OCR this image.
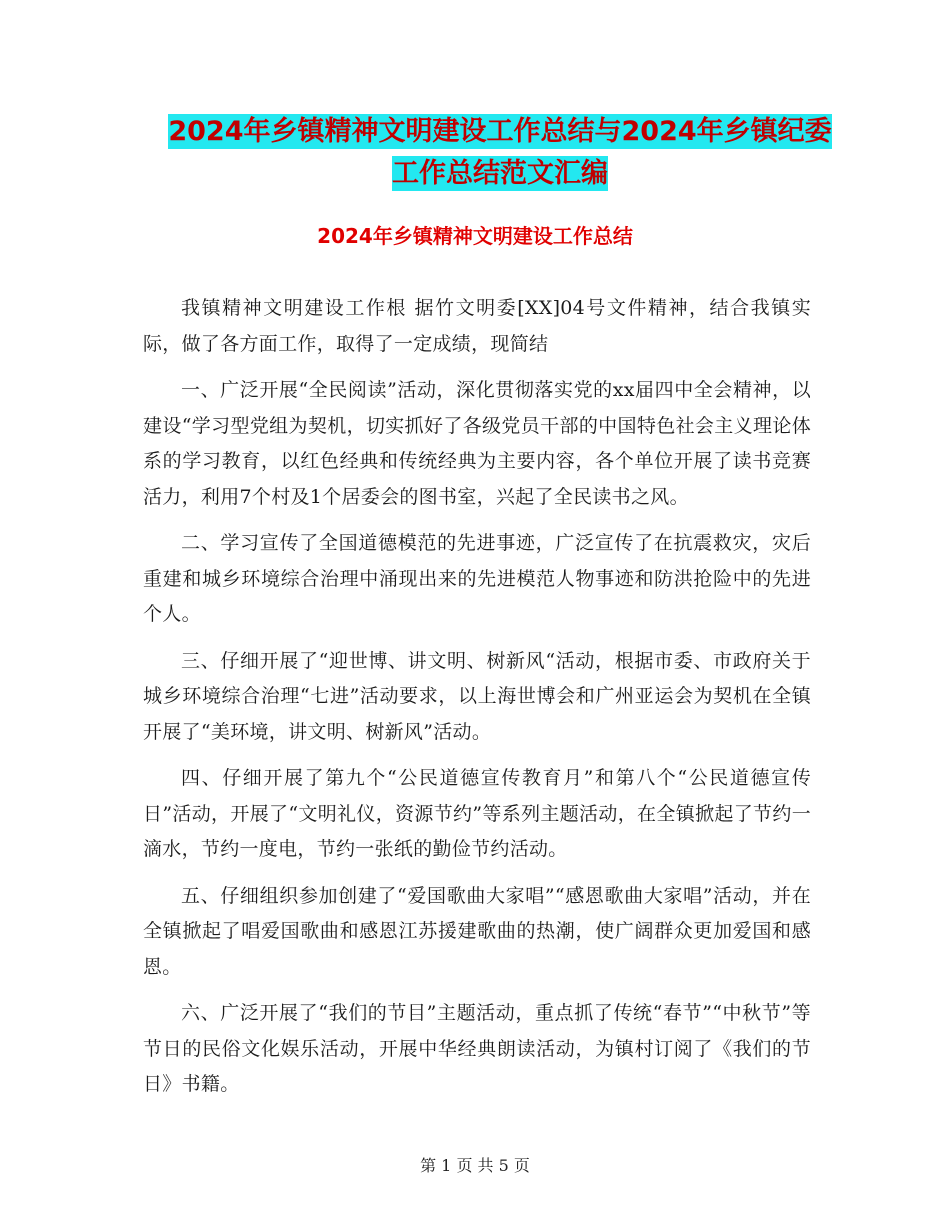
2024年乡镇精神文明建设工作总结与2024年乡镇纪委
工作总结范文汇编
2024年乡镇精神文明建设工作总结

我镇精神文明建设工作根 据竹文明委[XX]04号文件精神，结合我镇实际，做了各方面工作，取得了一定成绩，现简结

一、广泛开展“全民阅读”活动，深化贯彻落实党的xx届四中全会精神，以建设“学习型党组为契机，切实抓好了各级党员干部的中国特色社会主义理论体系的学习教育，以红色经典和传统经典为主要内容，各个单位开展了读书竞赛活力，利用7个村及1个居委会的图书室，兴起了全民读书之风。

二、学习宣传了全国道德模范的先进事迹，广泛宣传了在抗震救灾，灾后重建和城乡环境综合治理中涌现出来的先进模范人物事迹和防洪抢险中的先进个人。

三、仔细开展了“迎世博、讲文明、树新风“活动，根据市委、市政府关于城乡环境综合治理“七进”活动要求，以上海世博会和广州亚运会为契机在全镇开展了“美环境，讲文明、树新风”活动。

四、仔细开展了第九个“公民道德宣传教育月”和第八个“公民道德宣传日”活动，开展了“文明礼仪，资源节约”等系列主题活动，在全镇掀起了节约一滴水，节约一度电，节约一张纸的勤俭节约活动。

五、仔细组织参加创建了“爱国歌曲大家唱”“感恩歌曲大家唱”活动，并在全镇掀起了唱爱国歌曲和感恩江苏援建歌曲的热潮，使广阔群众更加爱国和感恩。

六、广泛开展了“我们的节目”主题活动，重点抓了传统“春节”“中秋节”等节日的民俗文化娱乐活动，开展中华经典朗读活动，为镇村订阅了《我们的节日》书籍。

第 1 页 共 5 页
